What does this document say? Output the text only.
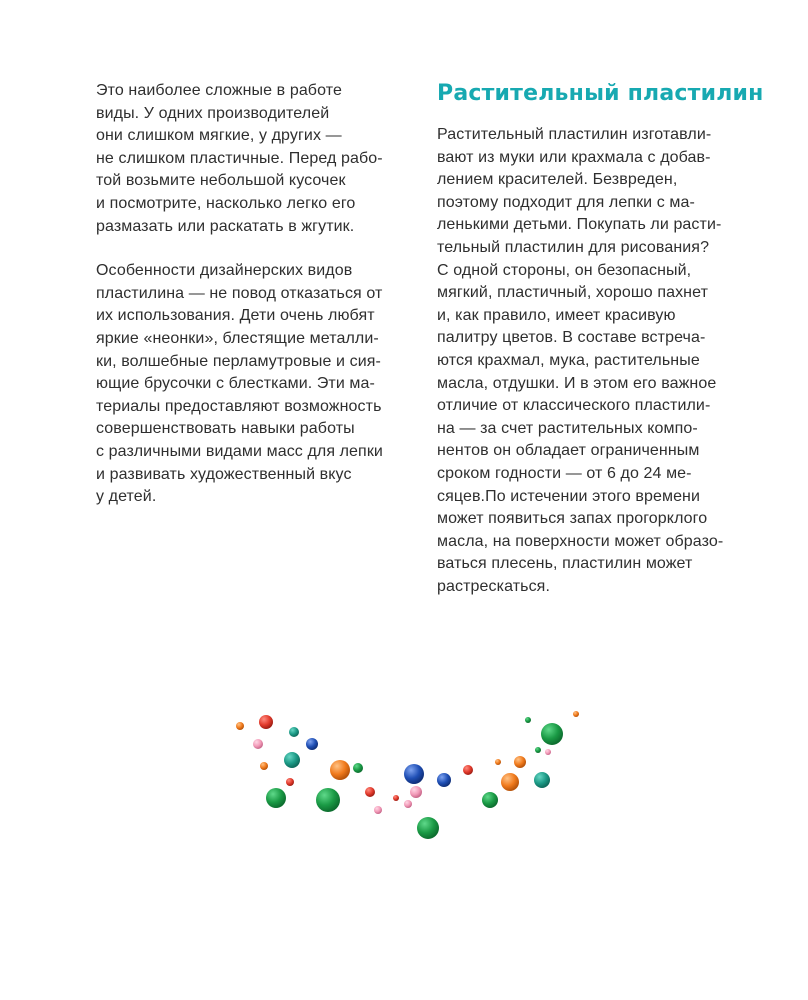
Это наиболее сложные в работе
виды. У одних производителей
они слишком мягкие, у других —
не слишком пластичные. Перед рабо-
той возьмите небольшой кусочек
и посмотрите, насколько легко его
размазать или раскатать в жгутик.

Особенности дизайнерских видов
пластилина — не повод отказаться от
их использования. Дети очень любят
яркие «неонки», блестящие металли-
ки, волшебные перламутровые и сия-
ющие брусочки с блестками. Эти ма-
териалы предоставляют возможность
совершенствовать навыки работы
с различными видами масс для лепки
и развивать художественный вкус
у детей.

Растительный пластилин

Растительный пластилин изготавли-
вают из муки или крахмала с добав-
лением красителей. Безвреден,
поэтому подходит для лепки с ма-
ленькими детьми. Покупать ли расти-
тельный пластилин для рисования?
С одной стороны, он безопасный,
мягкий, пластичный, хорошо пахнет
и, как правило, имеет красивую
палитру цветов. В составе встреча-
ются крахмал, мука, растительные
масла, отдушки. И в этом его важное
отличие от классического пластили-
на — за счет растительных компо-
нентов он обладает ограниченным
сроком годности — от 6 до 24 ме-
сяцев.По истечении этого времени
может появиться запах прогорклого
масла, на поверхности может образо-
ваться плесень, пластилин может
растрескаться.
